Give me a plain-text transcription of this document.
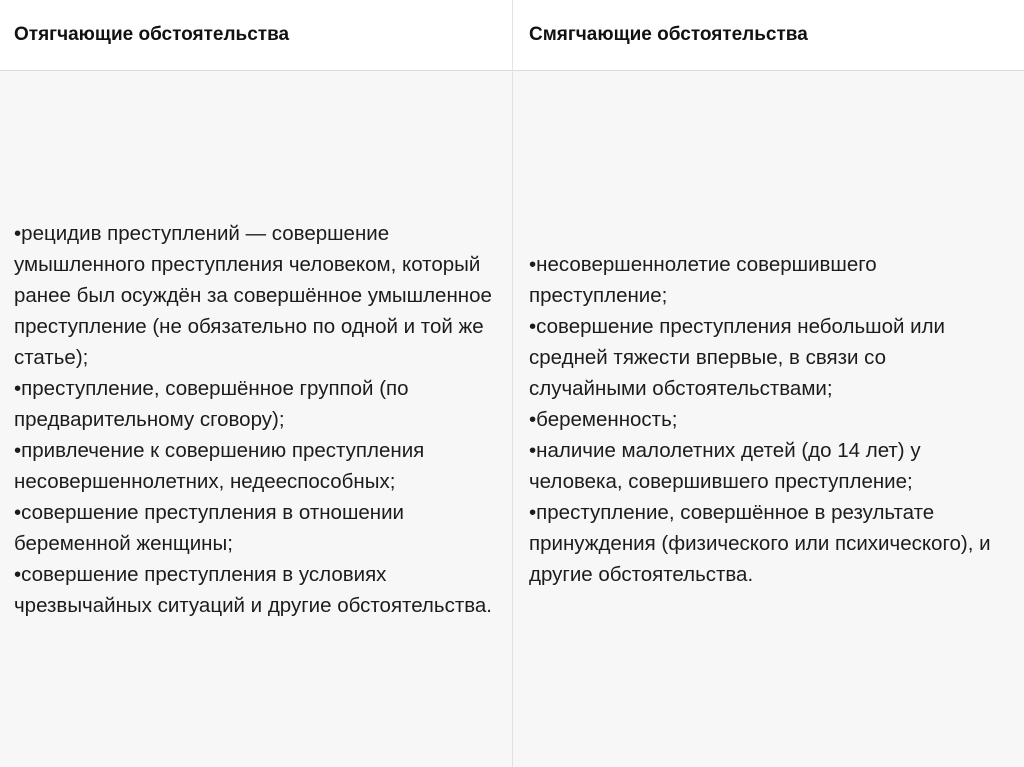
Отягчающие обстоятельства	Смягчающие обстоятельства
•рецидив преступлений — совершение умышленного преступления человеком, который ранее был осуждён за совершённое умышленное преступление (не обязательно по одной и той же статье);
•преступление, совершённое группой (по предварительному сговору);
•привлечение к совершению преступления несовершеннолетних, недееспособных;
•совершение преступления в отношении беременной женщины;
•совершение преступления в условиях чрезвычайных ситуаций и другие обстоятельства.
•несовершеннолетие совершившего преступление;
•совершение преступления небольшой или средней тяжести впервые, в связи со случайными обстоятельствами;
•беременность;
•наличие малолетних детей (до 14 лет) у человека, совершившего преступление;
•преступление, совершённое в результате принуждения (физического или психического), и другие обстоятельства.
